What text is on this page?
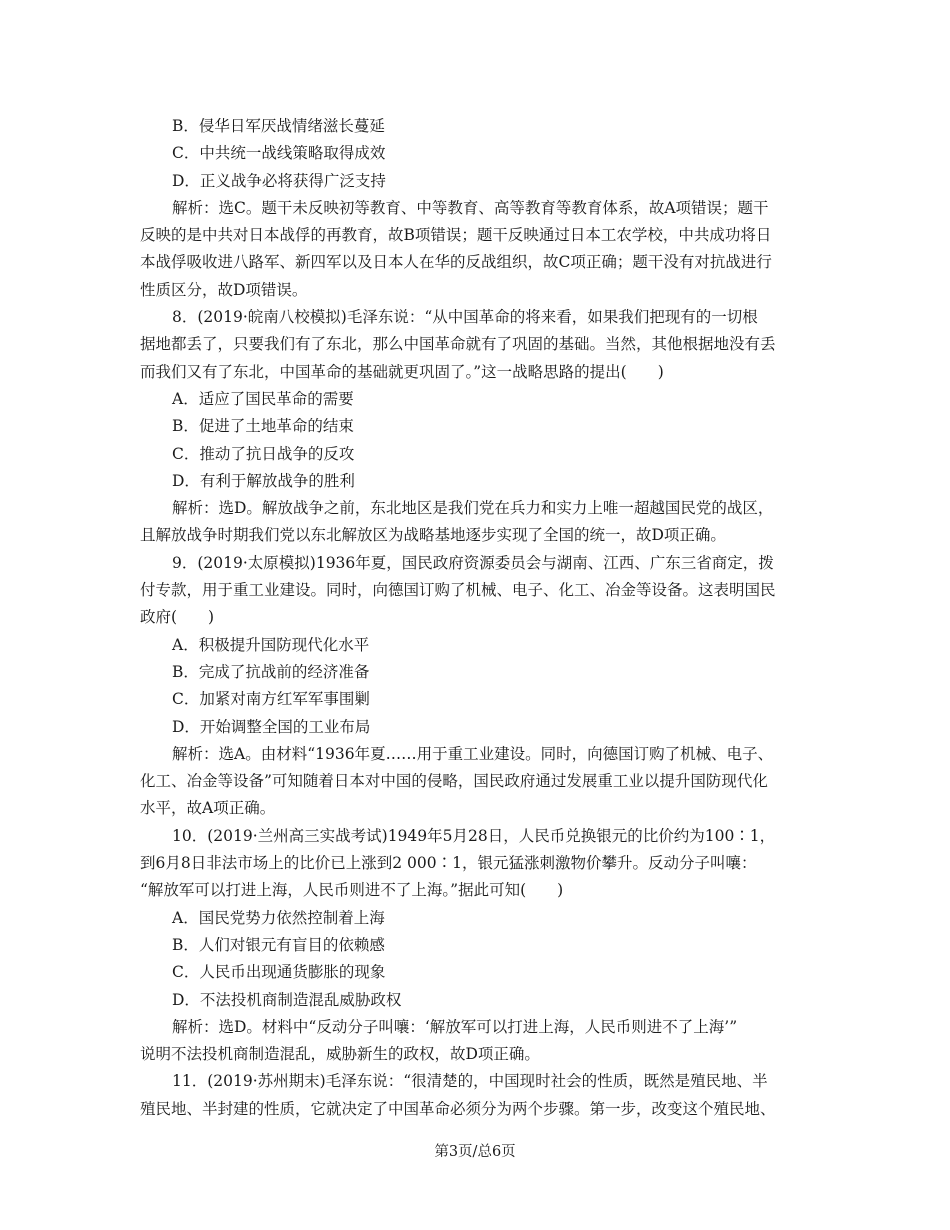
B．侵华日军厌战情绪滋长蔓延
C．中共统一战线策略取得成效
D．正义战争必将获得广泛支持
解析：选C。题干未反映初等教育、中等教育、高等教育等教育体系，故A项错误；题干
反映的是中共对日本战俘的再教育，故B项错误；题干反映通过日本工农学校，中共成功将日
本战俘吸收进八路军、新四军以及日本人在华的反战组织，故C项正确；题干没有对抗战进行
性质区分，故D项错误。
8．(2019·皖南八校模拟)毛泽东说：“从中国革命的将来看，如果我们把现有的一切根
据地都丢了，只要我们有了东北，那么中国革命就有了巩固的基础。当然，其他根据地没有丢
而我们又有了东北，中国革命的基础就更巩固了。”这一战略思路的提出(　　)
A．适应了国民革命的需要
B．促进了土地革命的结束
C．推动了抗日战争的反攻
D．有利于解放战争的胜利
解析：选D。解放战争之前，东北地区是我们党在兵力和实力上唯一超越国民党的战区，
且解放战争时期我们党以东北解放区为战略基地逐步实现了全国的统一，故D项正确。
9．(2019·太原模拟)1936年夏，国民政府资源委员会与湖南、江西、广东三省商定，拨
付专款，用于重工业建设。同时，向德国订购了机械、电子、化工、冶金等设备。这表明国民
政府(　　)
A．积极提升国防现代化水平
B．完成了抗战前的经济准备
C．加紧对南方红军军事围剿
D．开始调整全国的工业布局
解析：选A。由材料“1936年夏……用于重工业建设。同时，向德国订购了机械、电子、
化工、冶金等设备”可知随着日本对中国的侵略，国民政府通过发展重工业以提升国防现代化
水平，故A项正确。
10．(2019·兰州高三实战考试)1949年5月28日，人民币兑换银元的比价约为100∶1，
到6月8日非法市场上的比价已上涨到2 000∶1，银元猛涨刺激物价攀升。反动分子叫嚷：
“解放军可以打进上海，人民币则进不了上海。”据此可知(　　)
A．国民党势力依然控制着上海
B．人们对银元有盲目的依赖感
C．人民币出现通货膨胀的现象
D．不法投机商制造混乱威胁政权
解析：选D。材料中“反动分子叫嚷：‘解放军可以打进上海，人民币则进不了上海’”
说明不法投机商制造混乱，威胁新生的政权，故D项正确。
11．(2019·苏州期末)毛泽东说：“很清楚的，中国现时社会的性质，既然是殖民地、半
殖民地、半封建的性质，它就决定了中国革命必须分为两个步骤。第一步，改变这个殖民地、
第3页/总6页
